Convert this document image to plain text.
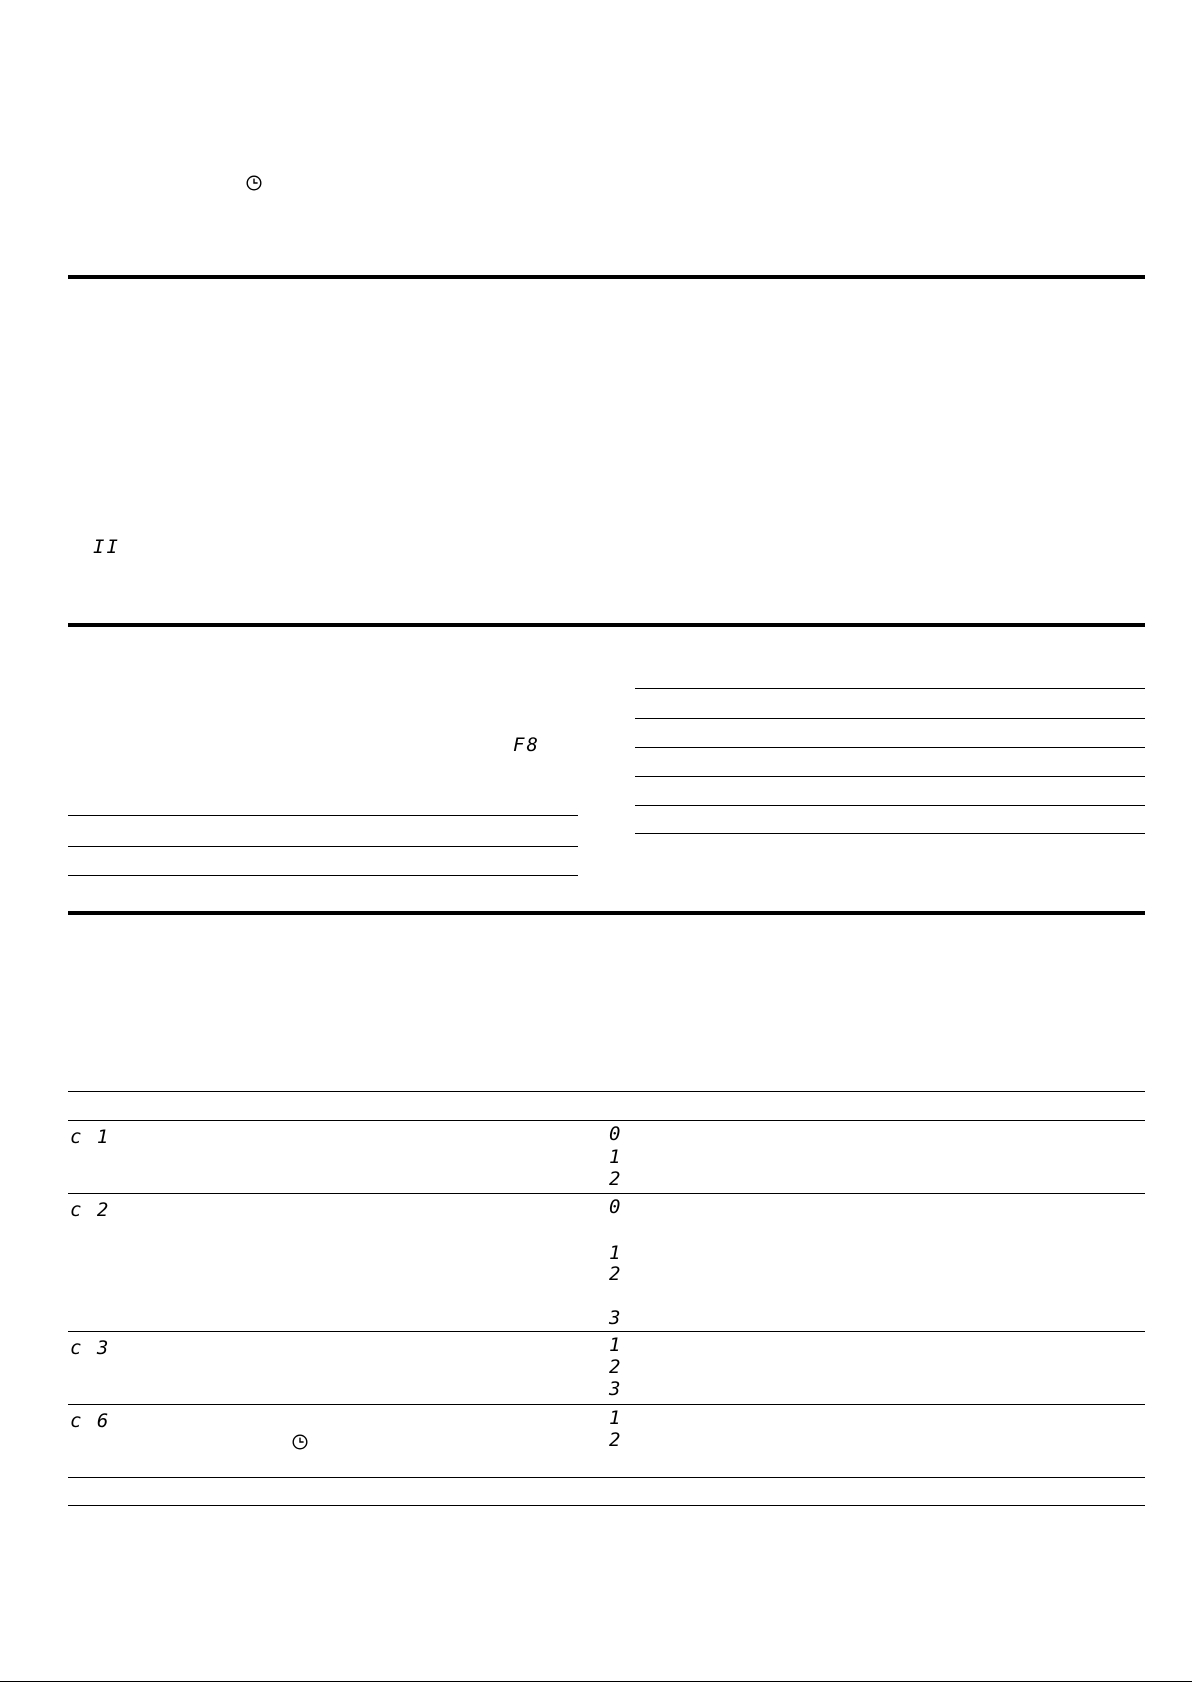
II
F8
c 1	0
1
2
c 2	0
1
2
3
c 3	1
2
3
c 6	1
2
